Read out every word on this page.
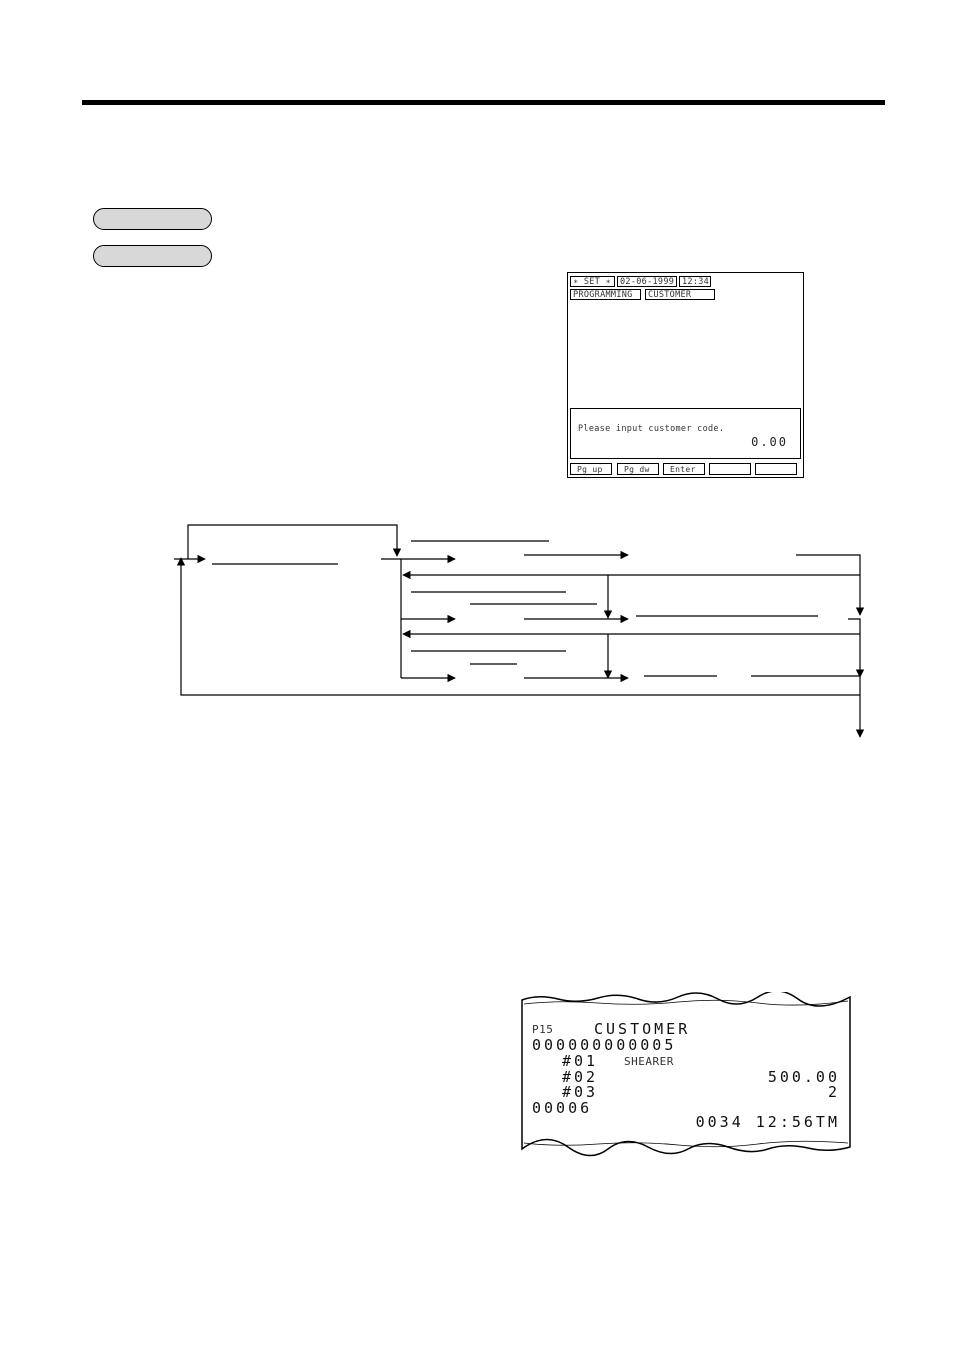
∗ SET ∗	02-06-1999 12:34
PROGRAMMING	CUSTOMER
Please input customer code.
0.00
Pg up	Pg dw	Enter
P15	CUSTOMER
000000000005
#01 SHEARER
#02	500.00
#03	2
00006
0034 12:56TM
